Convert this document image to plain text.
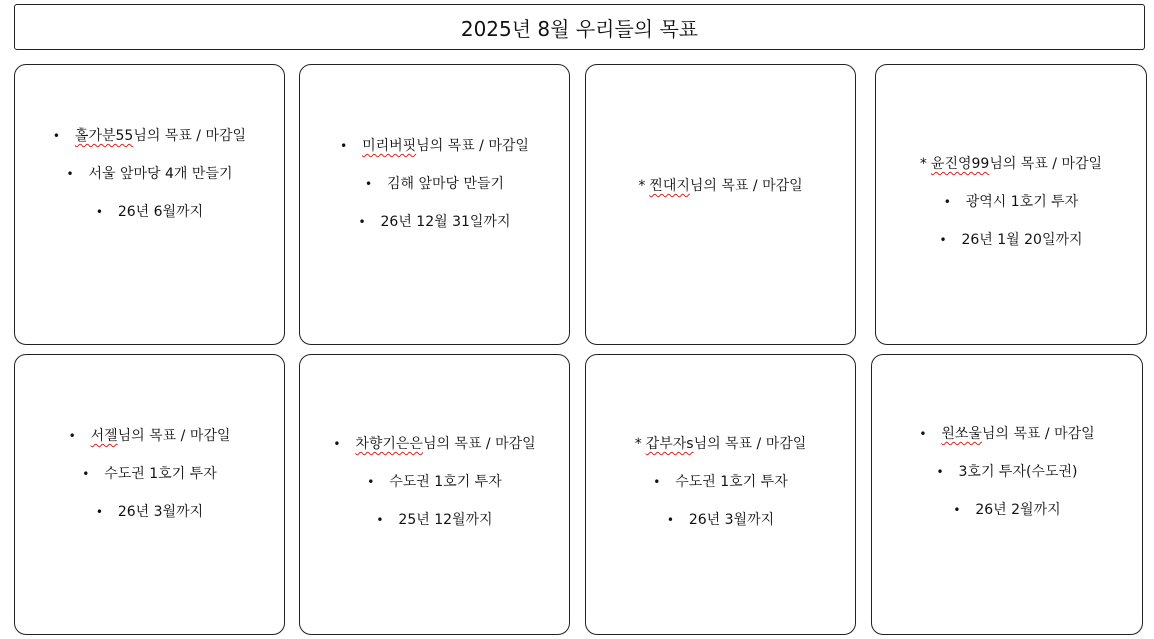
2025년 8월 우리들의 목표
•	홀가분55 님의 목표 / 마감일
•	서울 앞마당 4개 만들기
•	26년 6월까지
•	미리버핏 님의 목표 / 마감일
•	김해 앞마당 만들기
•	26년 12월 31일까지
* 찐대지 님의 목표 / 마감일
* 윤진영99 님의 목표 / 마감일
•	광역시 1호기 투자
•	26년 1월 20일까지
•	서젤 님의 목표 / 마감일
•	수도권 1호기 투자
•	26년 3월까지
•	차향기은은 님의 목표 / 마감일
•	수도권 1호기 투자
•	25년 12월까지
* 갑부자s 님의 목표 / 마감일
•	수도권 1호기 투자
•	26년 3월까지
•	원쏘울 님의 목표 / 마감일
•	3호기 투자(수도권)
•	26년 2월까지
